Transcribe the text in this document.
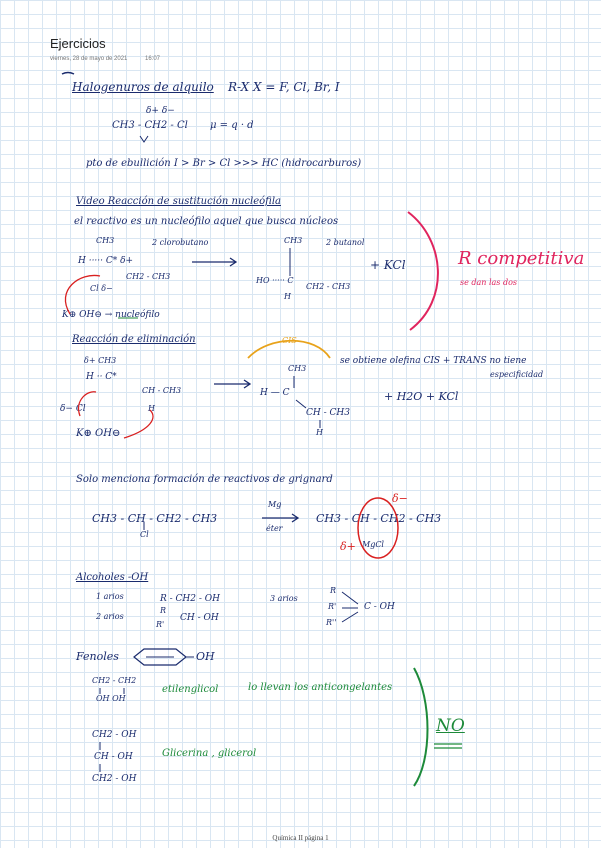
Ejercicios
viernes, 28 de mayo de 2021	16:07
Halogenuros de alquilo R-X X = F, Cl, Br, I
δ+ δ−
CH3 - CH2 - Cl μ = q · d
pto de ebullición I > Br > Cl >>> HC (hidrocarburos)
Video Reacción de sustitución nucleófila
el reactivo es un nucleófilo aquel que busca núcleos
CH3	2 clorobutano
H ····· C* δ+
CH2 - CH3
Cl δ−
CH3	2 butanol
HO ····· C
CH2 - CH3
H
+ KCl
K⊕ OH⊖ → nucleófilo
R competitiva
se dan las dos
Reacción de eliminación	CIS
se obtiene olefina CIS + TRANS no tiene
especificidad
δ+ CH3
H ·· C*
CH - CH3
δ− Cl	H
K⊕ OH⊖
CH3
H — C
CH - CH3
H
+ H2O + KCl
Solo menciona formación de reactivos de grignard
CH3 - CH - CH2 - CH3
Cl
Mg
éter
CH3 - CH - CH2 - CH3
MgCl
δ−
δ+
Alcoholes -OH
1 arios	R - CH2 - OH
2 arios
R
R'
CH - OH
3 arios
R
R'
R''
C - OH
Fenoles	OH
CH2 - CH2
OH OH
etilenglicol	lo llevan los anticongelantes
CH2 - OH
CH - OH
CH2 - OH
Glicerina , glicerol
NO
Química II página 1
